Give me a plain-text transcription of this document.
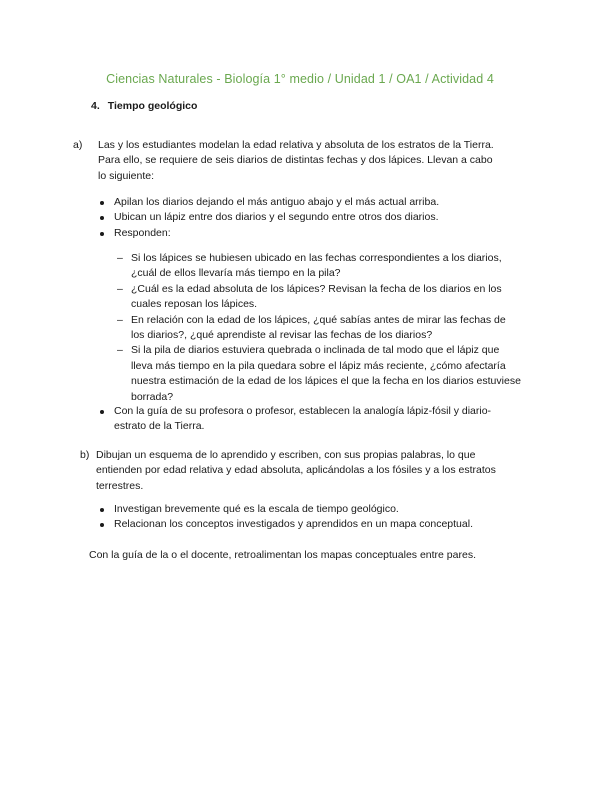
Ciencias Naturales - Biología 1° medio / Unidad 1 / OA1 / Actividad 4
4. Tiempo geológico
a) Las y los estudiantes modelan la edad relativa y absoluta de los estratos de la Tierra. Para ello, se requiere de seis diarios de distintas fechas y dos lápices. Llevan a cabo lo siguiente:
Apilan los diarios dejando el más antiguo abajo y el más actual arriba.
Ubican un lápiz entre dos diarios y el segundo entre otros dos diarios.
Responden:
– Si los lápices se hubiesen ubicado en las fechas correspondientes a los diarios, ¿cuál de ellos llevaría más tiempo en la pila?
– ¿Cuál es la edad absoluta de los lápices? Revisan la fecha de los diarios en los cuales reposan los lápices.
– En relación con la edad de los lápices, ¿qué sabías antes de mirar las fechas de los diarios?, ¿qué aprendiste al revisar las fechas de los diarios?
– Si la pila de diarios estuviera quebrada o inclinada de tal modo que el lápiz que lleva más tiempo en la pila quedara sobre el lápiz más reciente, ¿cómo afectaría nuestra estimación de la edad de los lápices el que la fecha en los diarios estuviese borrada?
Con la guía de su profesora o profesor, establecen la analogía lápiz-fósil y diario-estrato de la Tierra.
b) Dibujan un esquema de lo aprendido y escriben, con sus propias palabras, lo que entienden por edad relativa y edad absoluta, aplicándolas a los fósiles y a los estratos terrestres.
Investigan brevemente qué es la escala de tiempo geológico.
Relacionan los conceptos investigados y aprendidos en un mapa conceptual.
Con la guía de la o el docente, retroalimentan los mapas conceptuales entre pares.
